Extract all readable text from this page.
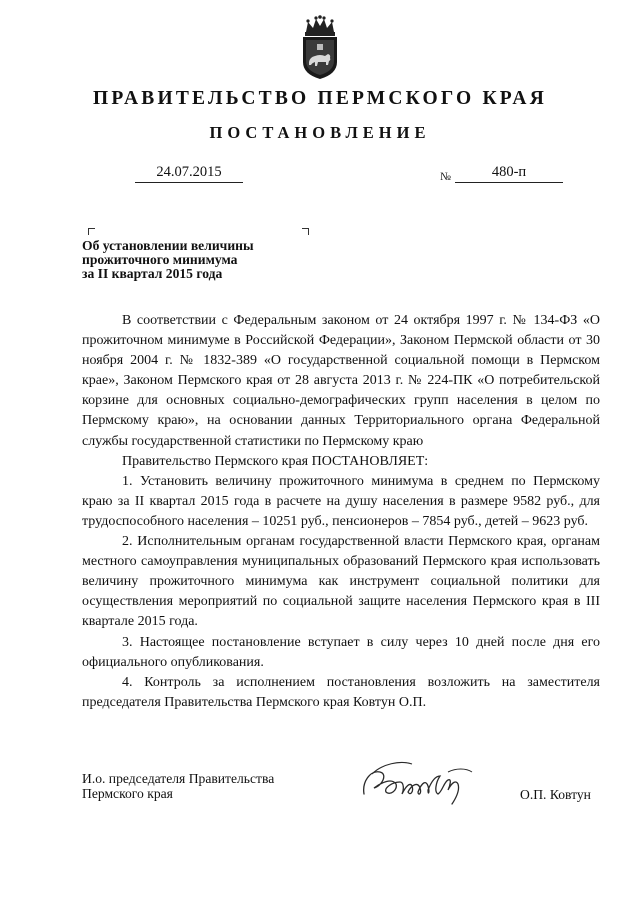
ПРАВИТЕЛЬСТВО ПЕРМСКОГО КРАЯ
ПОСТАНОВЛЕНИЕ
24.07.2015	№	480-п
Об установлении величины
прожиточного минимума
за II квартал 2015 года

В соответствии с Федеральным законом от 24 октября 1997 г. № 134-ФЗ «О прожиточном минимуме в Российской Федерации», Законом Пермской области от 30 ноября 2004 г. № 1832-389 «О государственной социальной помощи в Пермском крае», Законом Пермского края от 28 августа 2013 г. № 224-ПК «О потребительской корзине для основных социально-демографических групп населения в целом по Пермскому краю», на основании данных Территориального органа Федеральной службы государственной статистики по Пермскому краю

Правительство Пермского края ПОСТАНОВЛЯЕТ:

1. Установить величину прожиточного минимума в среднем по Пермскому краю за II квартал 2015 года в расчете на душу населения в размере 9582 руб., для трудоспособного населения – 10251 руб., пенсионеров – 7854 руб., детей – 9623 руб.

2. Исполнительным органам государственной власти Пермского края, органам местного самоуправления муниципальных образований Пермского края использовать величину прожиточного минимума как инструмент социальной политики для осуществления мероприятий по социальной защите населения Пермского края в III квартале 2015 года.

3. Настоящее постановление вступает в силу через 10 дней после дня его официального опубликования.

4. Контроль за исполнением постановления возложить на заместителя председателя Правительства Пермского края Ковтун О.П.

И.о. председателя Правительства
Пермского края	О.П. Ковтун
